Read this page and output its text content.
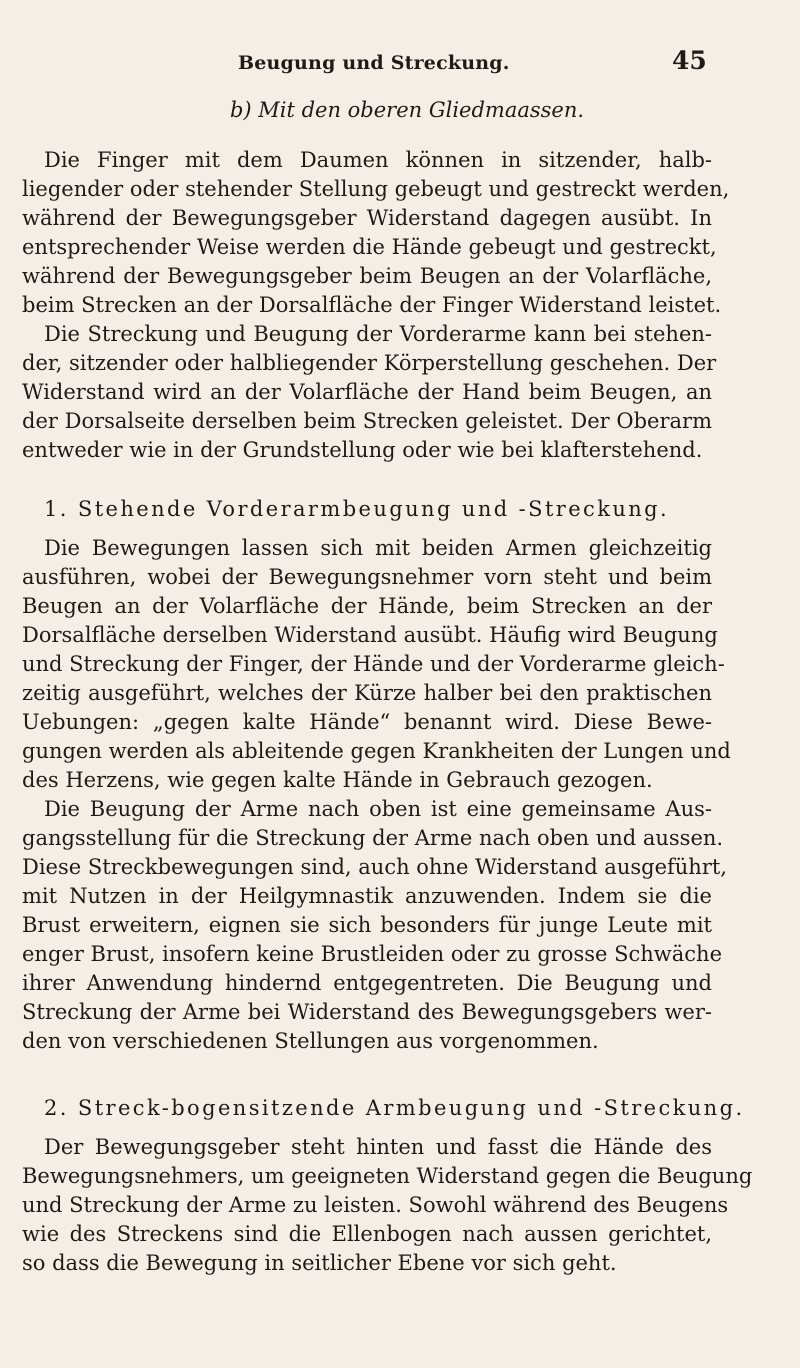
Beugung und Streckung.	45
b) Mit den oberen Gliedmaassen.
Die Finger mit dem Daumen können in sitzender, halb-
liegender oder stehender Stellung gebeugt und gestreckt werden,
während der Bewegungsgeber Widerstand dagegen ausübt. In
entsprechender Weise werden die Hände gebeugt und gestreckt,
während der Bewegungsgeber beim Beugen an der Volarfläche,
beim Strecken an der Dorsalfläche der Finger Widerstand leistet.
Die Streckung und Beugung der Vorderarme kann bei stehen-
der, sitzender oder halbliegender Körperstellung geschehen. Der
Widerstand wird an der Volarfläche der Hand beim Beugen, an
der Dorsalseite derselben beim Strecken geleistet. Der Oberarm
entweder wie in der Grundstellung oder wie bei klafterstehend.
1. Stehende Vorderarmbeugung und -Streckung.
Die Bewegungen lassen sich mit beiden Armen gleichzeitig
ausführen, wobei der Bewegungsnehmer vorn steht und beim
Beugen an der Volarfläche der Hände, beim Strecken an der
Dorsalfläche derselben Widerstand ausübt. Häufig wird Beugung
und Streckung der Finger, der Hände und der Vorderarme gleich-
zeitig ausgeführt, welches der Kürze halber bei den praktischen
Uebungen: „gegen kalte Hände“ benannt wird. Diese Bewe-
gungen werden als ableitende gegen Krankheiten der Lungen und
des Herzens, wie gegen kalte Hände in Gebrauch gezogen.
Die Beugung der Arme nach oben ist eine gemeinsame Aus-
gangsstellung für die Streckung der Arme nach oben und aussen.
Diese Streckbewegungen sind, auch ohne Widerstand ausgeführt,
mit Nutzen in der Heilgymnastik anzuwenden. Indem sie die
Brust erweitern, eignen sie sich besonders für junge Leute mit
enger Brust, insofern keine Brustleiden oder zu grosse Schwäche
ihrer Anwendung hindernd entgegentreten. Die Beugung und
Streckung der Arme bei Widerstand des Bewegungsgebers wer-
den von verschiedenen Stellungen aus vorgenommen.
2. Streck-bogensitzende Armbeugung und -Streckung.
Der Bewegungsgeber steht hinten und fasst die Hände des
Bewegungsnehmers, um geeigneten Widerstand gegen die Beugung
und Streckung der Arme zu leisten. Sowohl während des Beugens
wie des Streckens sind die Ellenbogen nach aussen gerichtet,
so dass die Bewegung in seitlicher Ebene vor sich geht.
